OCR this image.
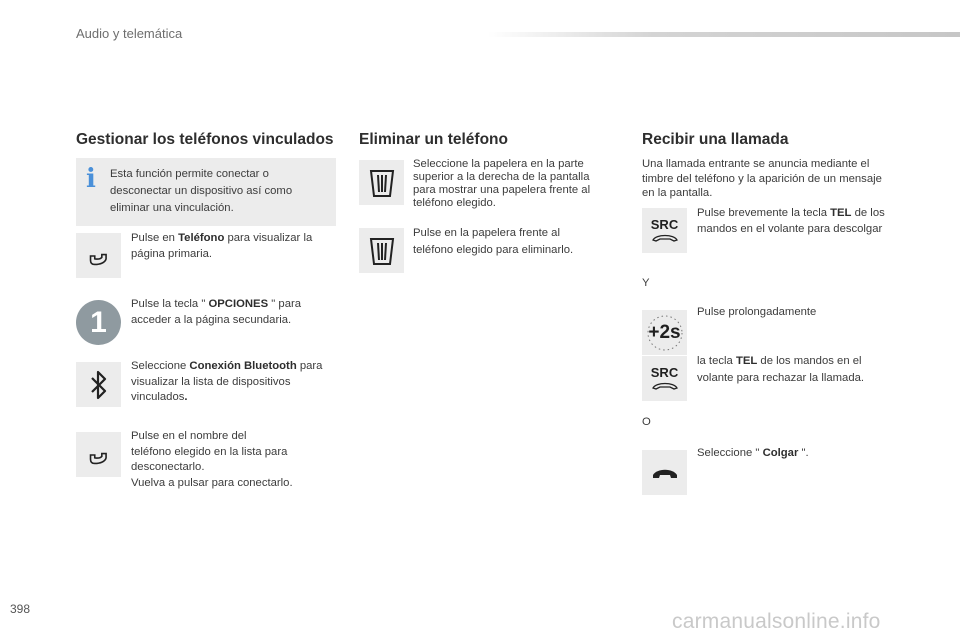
Audio y telemática
Gestionar los teléfonos vinculados
i Esta función permite conectar o desconectar un dispositivo así como eliminar una vinculación.
Pulse en Teléfono para visualizar la página primaria.
1
Pulse la tecla " OPCIONES " para acceder a la página secundaria.
Seleccione Conexión Bluetooth para visualizar la lista de dispositivos vinculados.
Pulse en el nombre del
teléfono elegido en la lista para
desconectarlo.
Vuelva a pulsar para conectarlo.
Eliminar un teléfono
Seleccione la papelera en la parte superior a la derecha de la pantalla para mostrar una papelera frente al teléfono elegido.
Pulse en la papelera frente al teléfono elegido para eliminarlo.
Recibir una llamada
Una llamada entrante se anuncia mediante el timbre del teléfono y la aparición de un mensaje en la pantalla.
SRC
Pulse brevemente la tecla TEL de los mandos en el volante para descolgar
Y
+2s
Pulse prolongadamente
SRC
la tecla TEL de los mandos en el volante para rechazar la llamada.
O
Seleccione " Colgar ".
398
carmanualsonline.info
